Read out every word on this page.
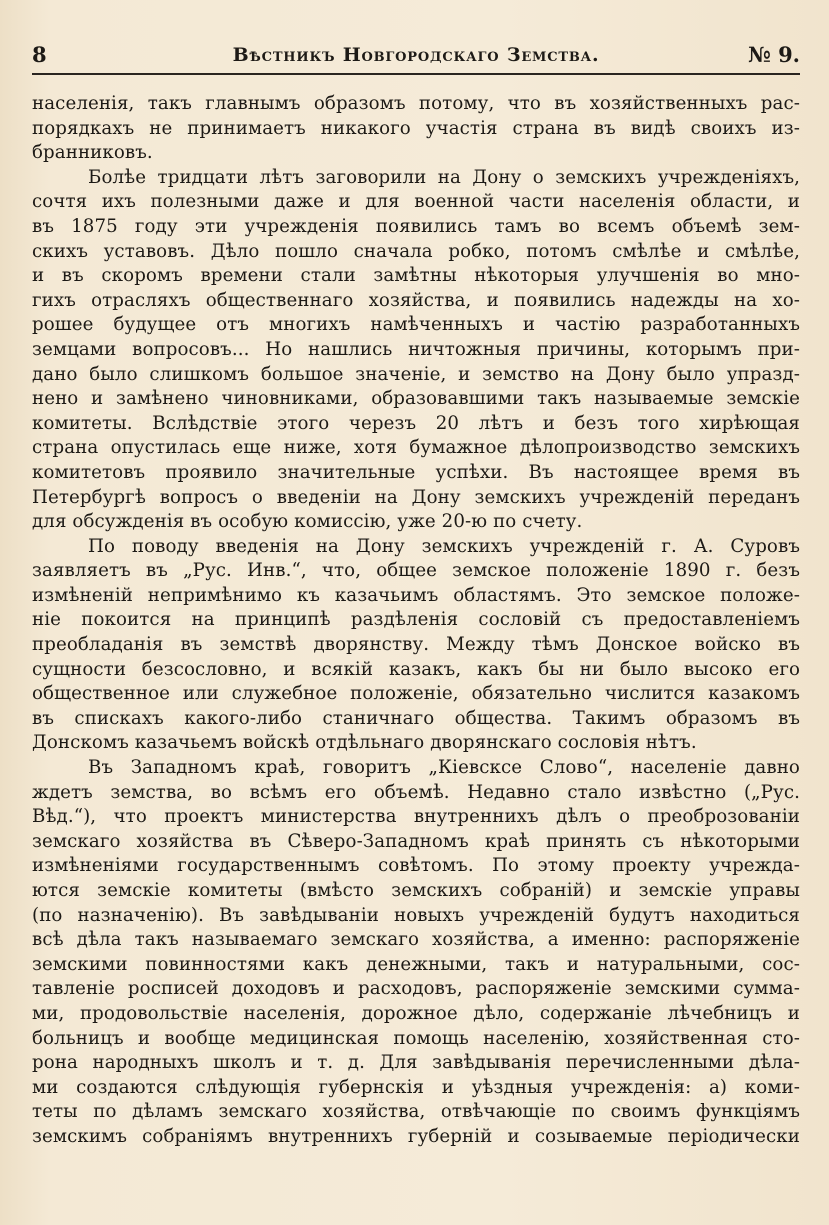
8	Вѣстникъ Новгородскаго Земства.	№ 9.
населенія, такъ главнымъ образомъ потому, что въ хозяйственныхъ рас-
порядкахъ не принимаетъ никакого участія страна въ видѣ своихъ из-
бранниковъ.
Болѣе тридцати лѣтъ заговорили на Дону о земскихъ учрежденіяхъ,
сочтя ихъ полезными даже и для военной части населенія области, и
въ 1875 году эти учрежденія появились тамъ во всемъ объемѣ зем-
скихъ уставовъ. Дѣло пошло сначала робко, потомъ смѣлѣе и смѣлѣе,
и въ скоромъ времени стали замѣтны нѣкоторыя улучшенія во мно-
гихъ отрасляхъ общественнаго хозяйства, и появились надежды на хо-
рошее будущее отъ многихъ намѣченныхъ и частію разработанныхъ
земцами вопросовъ... Но нашлись ничтожныя причины, которымъ при-
дано было слишкомъ большое значеніе, и земство на Дону было упразд-
нено и замѣнено чиновниками, образовавшими такъ называемые земскіе
комитеты. Вслѣдствіе этого черезъ 20 лѣтъ и безъ того хирѣющая
страна опустилась еще ниже, хотя бумажное дѣлопроизводство земскихъ
комитетовъ проявило значительные успѣхи. Въ настоящее время въ
Петербургѣ вопросъ о введеніи на Дону земскихъ учрежденій переданъ
для обсужденія въ особую комиссію, уже 20-ю по счету.
По поводу введенія на Дону земскихъ учрежденій г. А. Суровъ
заявляетъ въ „Рус. Инв.“, что, общее земское положеніе 1890 г. безъ
измѣненій непримѣнимо къ казачьимъ областямъ. Это земское положе-
ніе покоится на принципѣ раздѣленія сословій съ предоставленіемъ
преобладанія въ земствѣ дворянству. Между тѣмъ Донское войско въ
сущности безсословно, и всякій казакъ, какъ бы ни было высоко его
общественное или служебное положеніе, обязательно числится казакомъ
въ спискахъ какого-либо станичнаго общества. Такимъ образомъ въ
Донскомъ казачьемъ войскѣ отдѣльнаго дворянскаго сословія нѣтъ.
Въ Западномъ краѣ, говоритъ „Кіевсксе Слово“, населеніе давно
ждетъ земства, во всѣмъ его объемѣ. Недавно стало извѣстно („Рус.
Вѣд.“), что проектъ министерства внутреннихъ дѣлъ о преоброзованіи
земскаго хозяйства въ Сѣверо-Западномъ краѣ принять съ нѣкоторыми
измѣненіями государственнымъ совѣтомъ. По этому проекту учрежда-
ются земскіе комитеты (вмѣсто земскихъ собраній) и земскіе управы
(по назначенію). Въ завѣдываніи новыхъ учрежденій будутъ находиться
всѣ дѣла такъ называемаго земскаго хозяйства, а именно: распоряженіе
земскими повинностями какъ денежными, такъ и натуральными, сос-
тавленіе росписей доходовъ и расходовъ, распоряженіе земскими сумма-
ми, продовольствіе населенія, дорожное дѣло, содержаніе лѣчебницъ и
больницъ и вообще медицинская помощь населенію, хозяйственная сто-
рона народныхъ школъ и т. д. Для завѣдыванія перечисленными дѣла-
ми создаются слѣдующія губернскія и уѣздныя учрежденія: а) коми-
теты по дѣламъ земскаго хозяйства, отвѣчающіе по своимъ функціямъ
земскимъ собраніямъ внутреннихъ губерній и созываемые періодически
